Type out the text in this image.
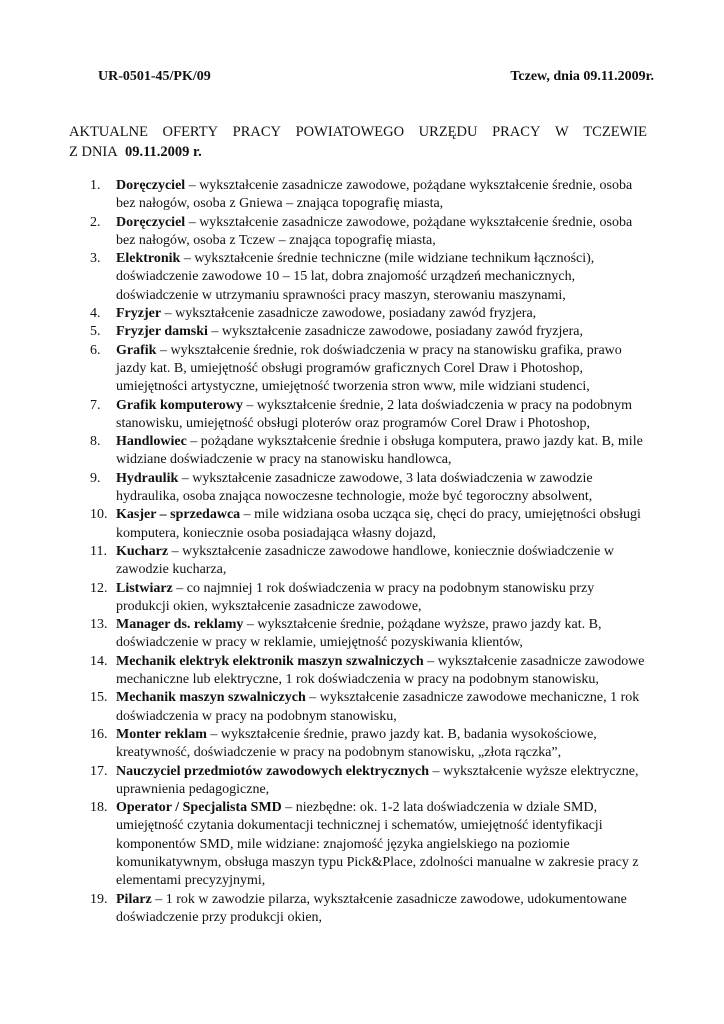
UR-0501-45/PK/09	Tczew, dnia 09.11.2009r.
AKTUALNE OFERTY PRACY POWIATOWEGO URZĘDU PRACY W TCZEWIE
Z DNIA 09.11.2009 r.
1.	Doręczyciel – wykształcenie zasadnicze zawodowe, pożądane wykształcenie średnie, osoba bez nałogów, osoba z Gniewa – znająca topografię miasta,
2.	Doręczyciel – wykształcenie zasadnicze zawodowe, pożądane wykształcenie średnie, osoba bez nałogów, osoba z Tczew – znająca topografię miasta,
3.	Elektronik – wykształcenie średnie techniczne (mile widziane technikum łączności), doświadczenie zawodowe 10 – 15 lat, dobra znajomość urządzeń mechanicznych, doświadczenie w utrzymaniu sprawności pracy maszyn, sterowaniu maszynami,
4.	Fryzjer – wykształcenie zasadnicze zawodowe, posiadany zawód fryzjera,
5.	Fryzjer damski – wykształcenie zasadnicze zawodowe, posiadany zawód fryzjera,
6.	Grafik – wykształcenie średnie, rok doświadczenia w pracy na stanowisku grafika, prawo jazdy kat. B, umiejętność obsługi programów graficznych Corel Draw i Photoshop, umiejętności artystyczne, umiejętność tworzenia stron www, mile widziani studenci,
7.	Grafik komputerowy – wykształcenie średnie, 2 lata doświadczenia w pracy na podobnym stanowisku, umiejętność obsługi ploterów oraz programów Corel Draw i Photoshop,
8.	Handlowiec – pożądane wykształcenie średnie i obsługa komputera, prawo jazdy kat. B, mile widziane doświadczenie w pracy na stanowisku handlowca,
9.	Hydraulik – wykształcenie zasadnicze zawodowe, 3 lata doświadczenia w zawodzie hydraulika, osoba znająca nowoczesne technologie, może być tegoroczny absolwent,
10. Kasjer – sprzedawca – mile widziana osoba ucząca się, chęci do pracy, umiejętności obsługi komputera, koniecznie osoba posiadająca własny dojazd,
11. Kucharz – wykształcenie zasadnicze zawodowe handlowe, koniecznie doświadczenie w zawodzie kucharza,
12. Listwiarz – co najmniej 1 rok doświadczenia w pracy na podobnym stanowisku przy produkcji okien, wykształcenie zasadnicze zawodowe,
13. Manager ds. reklamy – wykształcenie średnie, pożądane wyższe, prawo jazdy kat. B, doświadczenie w pracy w reklamie, umiejętność pozyskiwania klientów,
14. Mechanik elektryk elektronik maszyn szwalniczych – wykształcenie zasadnicze zawodowe mechaniczne lub elektryczne, 1 rok doświadczenia w pracy na podobnym stanowisku,
15. Mechanik maszyn szwalniczych – wykształcenie zasadnicze zawodowe mechaniczne, 1 rok doświadczenia w pracy na podobnym stanowisku,
16. Monter reklam – wykształcenie średnie, prawo jazdy kat. B, badania wysokościowe, kreatywność, doświadczenie w pracy na podobnym stanowisku, „złota rączka”,
17. Nauczyciel przedmiotów zawodowych elektrycznych – wykształcenie wyższe elektryczne, uprawnienia pedagogiczne,
18. Operator / Specjalista SMD – niezbędne: ok. 1-2 lata doświadczenia w dziale SMD, umiejętność czytania dokumentacji technicznej i schematów, umiejętność identyfikacji komponentów SMD, mile widziane: znajomość języka angielskiego na poziomie komunikatywnym, obsługa maszyn typu Pick&Place, zdolności manualne w zakresie pracy z elementami precyzyjnymi,
19. Pilarz – 1 rok w zawodzie pilarza, wykształcenie zasadnicze zawodowe, udokumentowane doświadczenie przy produkcji okien,
